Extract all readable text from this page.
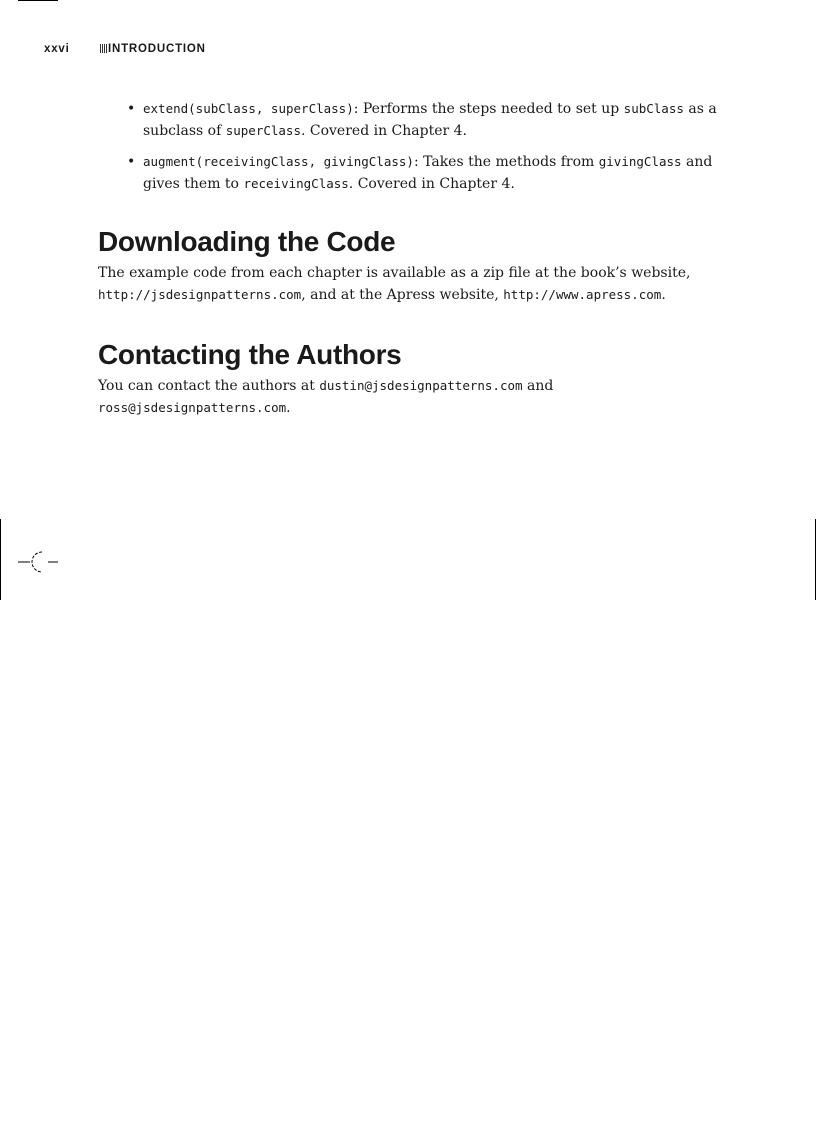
xxvi	INTRODUCTION
• extend(subClass, superClass): Performs the steps needed to set up subClass as a subclass of superClass. Covered in Chapter 4.
• augment(receivingClass, givingClass): Takes the methods from givingClass and gives them to receivingClass. Covered in Chapter 4.
Downloading the Code

The example code from each chapter is available as a zip file at the book’s website, http://jsdesignpatterns.com, and at the Apress website, http://www.apress.com.

Contacting the Authors

You can contact the authors at dustin@jsdesignpatterns.com and ross@jsdesignpatterns.com.
